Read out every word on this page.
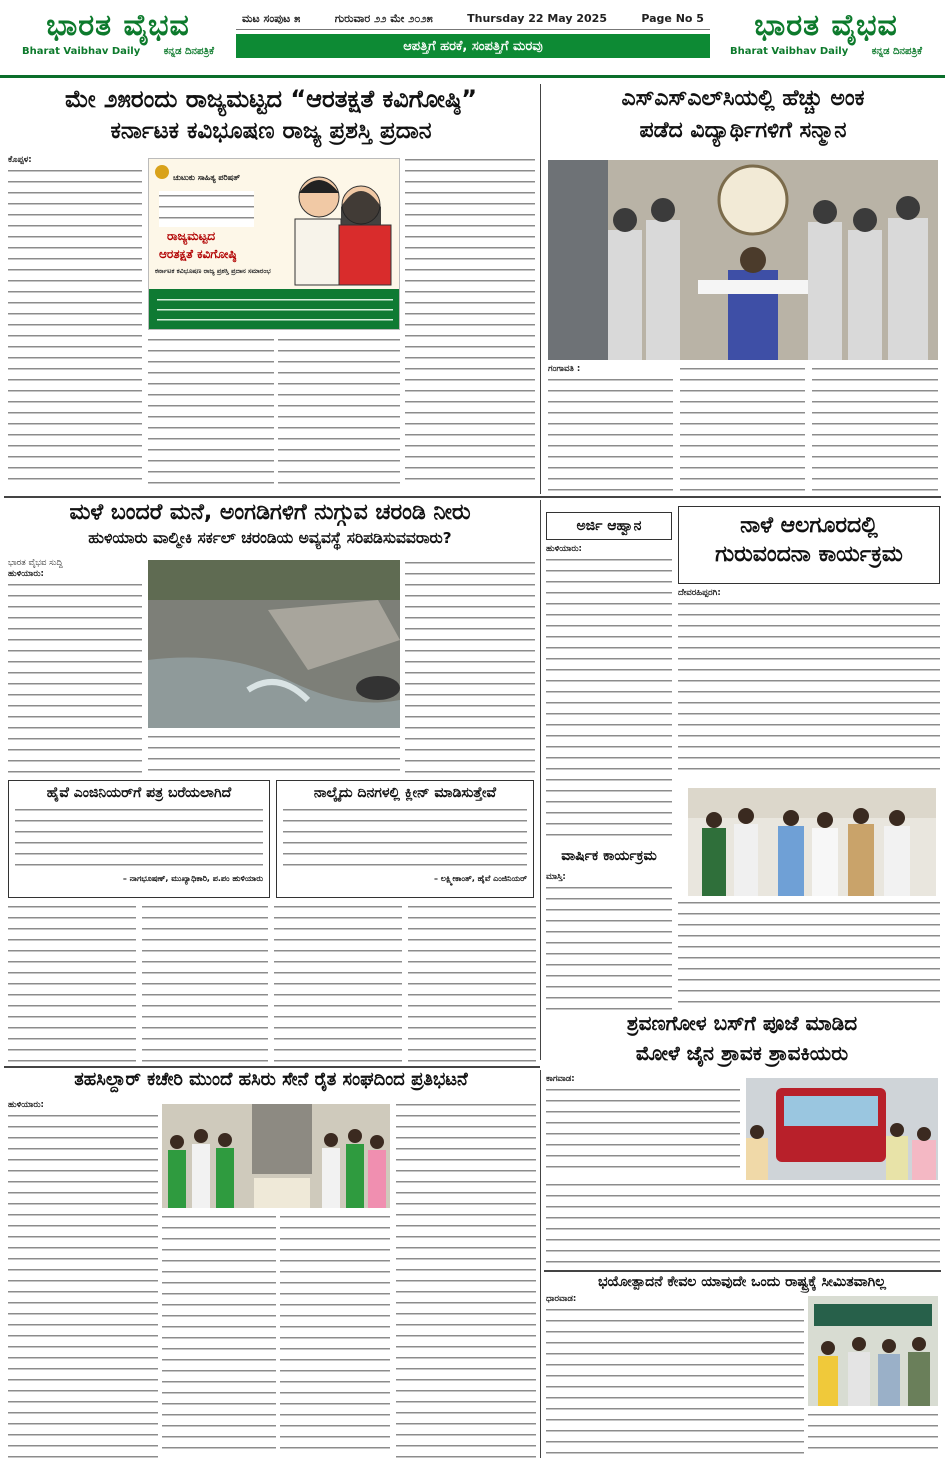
ಭಾರತ ವೈಭವ
Bharat Vaibhav Daily ಕನ್ನಡ ದಿನಪತ್ರಿಕೆ
ಮಟ ಸಂಪುಟ ೫	ಗುರುವಾರ ೨೨ ಮೇ ೨೦೨೫	Thursday 22 May 2025	Page No 5
ಆಪತ್ತಿಗೆ ಹರಕೆ, ಸಂಪತ್ತಿಗೆ ಮರವು
ಭಾರತ ವೈಭವ
Bharat Vaibhav Daily ಕನ್ನಡ ದಿನಪತ್ರಿಕೆ
ಮೇ ೨೫ರಂದು ರಾಜ್ಯಮಟ್ಟದ “ಆರತಕ್ಷತೆ ಕವಿಗೋಷ್ಠಿ”
ಕರ್ನಾಟಕ ಕವಿಭೂಷಣ ರಾಜ್ಯ ಪ್ರಶಸ್ತಿ ಪ್ರದಾನ
ಕೊಪ್ಪಳ:
ಚುಟುಕು ಸಾಹಿತ್ಯ ಪರಿಷತ್
ರಾಜ್ಯಮಟ್ಟದ
ಆರತಕ್ಷತೆ ಕವಿಗೋಷ್ಠಿ
ಕರ್ನಾಟಕ ಕವಿಭೂಷಣ ರಾಜ್ಯ ಪ್ರಶಸ್ತಿ ಪ್ರದಾನ ಸಮಾರಂಭ
ಎಸ್‌ಎಸ್‌ಎಲ್‌ಸಿಯಲ್ಲಿ ಹೆಚ್ಚು ಅಂಕ
ಪಡೆದ ವಿದ್ಯಾರ್ಥಿಗಳಿಗೆ ಸನ್ಮಾನ
ಗಂಗಾವತಿ :
ಮಳೆ ಬಂದರೆ ಮನೆ, ಅಂಗಡಿಗಳಿಗೆ ನುಗ್ಗುವ ಚರಂಡಿ ನೀರು
ಹುಳಿಯಾರು ವಾಲ್ಮೀಕಿ ಸರ್ಕಲ್ ಚರಂಡಿಯ ಅವ್ಯವಸ್ಥೆ ಸರಿಪಡಿಸುವವರಾರು?
ಭಾರತ ವೈಭವ ಸುದ್ದಿ
ಹುಳಿಯಾರು:
ಹೈವೆ ಎಂಜಿನಿಯರ್‌ಗೆ ಪತ್ರ ಬರೆಯಲಾಗಿದೆ
– ನಾಗಭೂಷಣ್, ಮುಖ್ಯಾಧಿಕಾರಿ, ಪ.ಪಂ ಹುಳಿಯಾರು
ನಾಲ್ಕೈದು ದಿನಗಳಲ್ಲಿ ಕ್ಲೀನ್ ಮಾಡಿಸುತ್ತೇವೆ
– ಲಕ್ಷ್ಮೀಕಾಂತ್, ಹೈವೆ ಎಂಜಿನಿಯರ್
ಅರ್ಜಿ ಆಹ್ವಾನ
ಹುಳಿಯಾರು:
ನಾಳೆ ಆಲಗೂರದಲ್ಲಿ
ಗುರುವಂದನಾ ಕಾರ್ಯಕ್ರಮ
ದೇವರಹಿಪ್ಪರಗಿ:
ವಾರ್ಷಿಕ ಕಾರ್ಯಕ್ರಮ
ಮಾಸ್ತಿ:
ಶ್ರವಣಗೋಳ ಬಸ್‌ಗೆ ಪೂಜೆ ಮಾಡಿದ
ಮೋಳೆ ಜೈನ ಶ್ರಾವಕ ಶ್ರಾವಕಿಯರು
ಕಾಗವಾಡ:
ಭಯೋತ್ಪಾದನೆ ಕೇವಲ ಯಾವುದೇ ಒಂದು ರಾಷ್ಟ್ರಕ್ಕೆ ಸೀಮಿತವಾಗಿಲ್ಲ
ಧಾರವಾಡ:
ತಹಸಿಲ್ದಾರ್ ಕಚೇರಿ ಮುಂದೆ ಹಸಿರು ಸೇನೆ ರೈತ ಸಂಘದಿಂದ ಪ್ರತಿಭಟನೆ
ಹುಳಿಯಾರು:
